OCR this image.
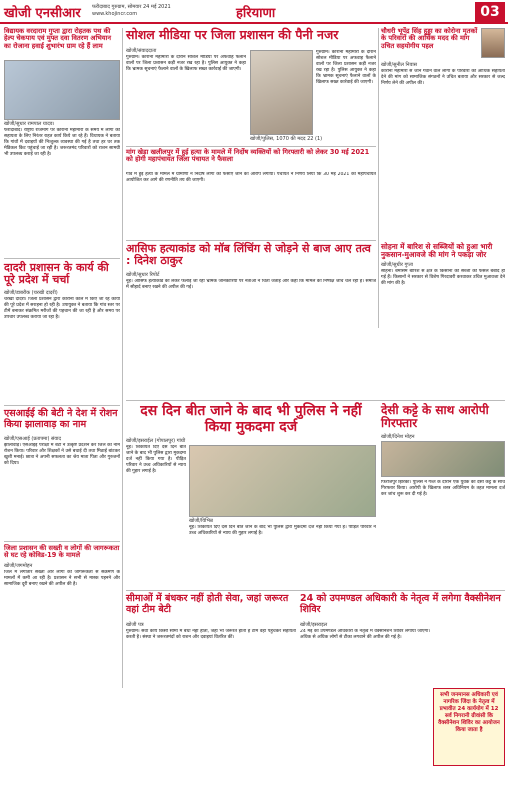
खोजी एनसीआर फरीदाबाद गुरुग्राम, सोमवार 24 मई 2021
www.khojincr.com	हरियाणा	03
विद्यायक वरदाराम गुप्ता द्वारा रोहतक पथ की हेल्प चेकपाय एवं मुफ्त दवा वितरण अभियान का रोजाना हवाई शुभारंभ ग्राम रहे हैं लाम
खोजी/सुधार रामपाल यादव।
फरीदाबाद। राष्ट्रीय राजमार्ग पर कोरोना महामारी के समय में लोगों की सहायता के लिए निरंतर राहत कार्य किये जा रहे हैं। विधायक ने बताया कि गांवों में दवाइयों की निःशुल्क व्यवस्था की गई है तथा हर घर तक मेडिकल किट पहुंचाई जा रही है। जरूरतमंद परिवारों को राशन सामग्री भी उपलब्ध कराई जा रही है।
दादरी प्रशासन के कार्य की पूरे प्रदेश में चर्चा
खोजी/डाबरीक (चरखी दादरी)
चरखी दादरी। जिला प्रशासन द्वारा कोरोना काल में किए जा रहे कार्यों की पूरे प्रदेश में सराहना हो रही है। उपायुक्त ने बताया कि गांव स्तर पर टीमें बनाकर संक्रमित मरीजों की पहचान की जा रही है और समय पर उपचार उपलब्ध कराया जा रहा है।
एसआईई की बेटी ने देश में रोशन किया झालावाड़ का नाम
खोजी/एसआई (प्रतापमा) संवाद
झालावाड़। एसआईई परीक्षा में बेटी ने उत्कृष्ट प्रदर्शन कर जिले का नाम रोशन किया। परिवार और शिक्षकों ने उसे बधाई दी तथा मिठाई बांटकर खुशी मनाई। छात्रा ने अपनी सफलता का श्रेय माता पिता और गुरुजनों को दिया।
जिला प्रशासन की सख्ती व लोगों की जागरूकता से घट रहे कोविड-19 के मामले
खोजी/जगमोहन
जिले में लगातार सख्ती और लोगों की जागरूकता से संक्रमण के मामलों में कमी आ रही है। प्रशासन ने सभी से मास्क पहनने और सामाजिक दूरी बनाए रखने की अपील की है।
सोशल मीडिया पर जिला प्रशासन की पैनी नजर
खोजी/संवाददाता
गुरुग्राम। कोरोना महामारी के दौरान सोशल मीडिया पर अफवाह फैलाने वालों पर जिला प्रशासन कड़ी नजर रख रहा है। पुलिस आयुक्त ने कहा कि भ्रामक सूचनाएं फैलाने वालों के खिलाफ सख्त कार्रवाई की जाएगी।
खोजी/पुलिस, 1070 की मदद 22 (1)
गुरुग्राम। कोरोना महामारी के दौरान सोशल मीडिया पर अफवाह फैलाने वालों पर जिला प्रशासन कड़ी नजर रख रहा है। पुलिस आयुक्त ने कहा कि भ्रामक सूचनाएं फैलाने वालों के खिलाफ सख्त कार्रवाई की जाएगी।
मांग खेड़ा खलीलपुर में हुई हत्या के मामले में निर्दोष व्यक्तियों को गिरफ्तारी को लेकर 30 मई 2021 को होगी महापंचायत जिला पंचायत ने फैसला
गांव में हुई हत्या के मामले में ग्रामीणों ने निर्दोष लोगों को फंसाए जाने का आरोप लगाया। पंचायत ने निर्णय लिया कि 30 मई 2021 को महापंचायत आयोजित कर आगे की रणनीति तय की जाएगी।
चौधरी भूपेंद्र सिंह हुड्डा का कोरोना मृतकों के परिवारों की आर्थिक मदद की मांग उचित सहयोगीय पहल
खोजी/सुनील निवास
कोरोना महामारी से जान गंवाने वाले लोगों के परिवारों को आर्थिक सहायता देने की मांग को सामाजिक संगठनों ने उचित बताया और सरकार से जल्द निर्णय लेने की अपील की।
आसिफ हत्याकांड को मॉब लिंचिंग से जोड़ने से बाज आए तत्व : दिनेश ठाकुर
खोजी/सुधार रिपोर्ट
नूंह। आसिफ हत्याकांड को लेकर फैलाई जा रही भ्रामक जानकारियों पर नेताओं ने चिंता जताई और कहा कि मामले की निष्पक्ष जांच चल रही है। समाज में सौहार्द बनाए रखने की अपील की गई।
सोहना में बारिश से सब्जियों को हुआ भारी नुकसान-मुआवजे की मांग ने पकड़ा जोर
खोजी/सुधीर गुप्ता
सोहना। बेमौसम बारिश से क्षेत्र के किसानों की सब्जी की फसलें बर्बाद हो गई हैं। किसानों ने सरकार से विशेष गिरदावरी करवाकर उचित मुआवजा देने की मांग की है।
दस दिन बीत जाने के बाद भी पुलिस ने नहीं किया मुकदमा दर्ज
खोजी/इसराईल (गोपालपुर) गांधी
नूंह। शिकायत दिए दस दिन बीत जाने के बाद भी पुलिस द्वारा मुकदमा दर्ज नहीं किया गया है। पीड़ित परिवार ने उच्च अधिकारियों से न्याय की गुहार लगाई है।
खोजी/विभिन्न
नूंह। शिकायत दिए दस दिन बीत जाने के बाद भी पुलिस द्वारा मुकदमा दर्ज नहीं किया गया है। पीड़ित परिवार ने उच्च अधिकारियों से न्याय की गुहार लगाई है।
देसी कट्टे के साथ आरोपी गिरफ्तार
खोजी/दिनेश मोहन
फिरोजपुर झिरका। पुलिस ने गश्त के दौरान एक युवक को देसी कट्टे के साथ गिरफ्तार किया। आरोपी के खिलाफ शस्त्र अधिनियम के तहत मामला दर्ज कर जांच शुरू कर दी गई है।
सीमाओं में बंधकर नहीं होती सेवा, जहां जरूरत वहां टीम बेटी
खोजी पत्र
गुरुग्राम। सेवा कार्य किसी सीमा में बंधा नहीं होता, जहां भी जरूरत होती है टीम वहां पहुंचकर सहायता करती है। संस्था ने जरूरतमंदों को राशन और दवाइयां वितरित कीं।
24 को उपमण्डल अधिकारी के नेतृत्व में लगेगा वैक्सीनेशन शिविर
खोजी/इसराइल
24 मई को उपमण्डल अधिकारी के नेतृत्व में वैक्सीनेशन शिविर लगाया जाएगा। अधिक से अधिक लोगों से टीका लगवाने की अपील की गई है।
सभी जनमानस अधिकारी एवं नागरिक जिंदा के नेतृत्व में प्रभावीत 24 कार्ययोग में 12 सर्व निगरानी ग्रीवांसी कि वैक्सीनेशन शिविर का आयोजन किया जाता है
